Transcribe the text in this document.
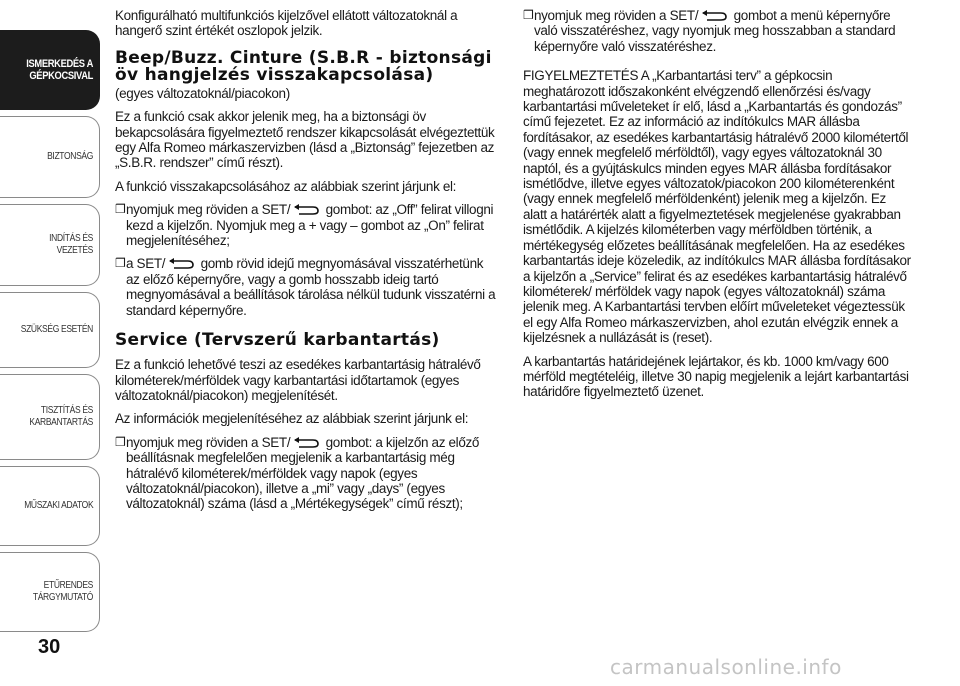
ISMERKEDÉS A GÉPKOCSIVAL
BIZTONSÁG
INDÍTÁS ÉS VEZETÉS
SZÜKSÉG ESETÉN
TISZTÍTÁS ÉS KARBANTARTÁS
MŰSZAKI ADATOK
ETŰRENDES TÁRGYMUTATÓ
30

Konfigurálható multifunkciós kijelzővel ellátott változatoknál a hangerő szint értékét oszlopok jelzik.

Beep/Buzz. Cinture (S.B.R - biztonsági öv hangjelzés visszakapcsolása)
(egyes változatoknál/piacokon)

Ez a funkció csak akkor jelenik meg, ha a biztonsági öv bekapcsolására figyelmeztető rendszer kikapcsolását elvégeztettük egy Alfa Romeo márkaszervizben (lásd a „Biztonság” fejezetben az „S.B.R. rendszer” című részt).

A funkció visszakapcsolásához az alábbiak szerint járjunk el:

❒ nyomjuk meg röviden a SET/ gombot: az „Off” felirat villogni kezd a kijelzőn. Nyomjuk meg a + vagy – gombot az „On” felirat megjelenítéséhez;
❒ a SET/ gomb rövid idejű megnyomásával visszatérhetünk az előző képernyőre, vagy a gomb hosszabb ideig tartó megnyomásával a beállítások tárolása nélkül tudunk visszatérni a standard képernyőre.
Service (Tervszerű karbantartás)

Ez a funkció lehetővé teszi az esedékes karbantartásig hátralévő kilométerek/mérföldek vagy karbantartási időtartamok (egyes változatoknál/piacokon) megjelenítését.

Az információk megjelenítéséhez az alábbiak szerint járjunk el:

❒ nyomjuk meg röviden a SET/ gombot: a kijelzőn az előző beállításnak megfelelően megjelenik a karbantartásig még hátralévő kilométerek/mérföldek vagy napok (egyes változatoknál/piacokon), illetve a „mi” vagy „days” (egyes változatoknál) száma (lásd a „Mértékegységek” című részt);
❒ nyomjuk meg röviden a SET/ gombot a menü képernyőre való visszatéréshez, vagy nyomjuk meg hosszabban a standard képernyőre való visszatéréshez.

FIGYELMEZTETÉS A „Karbantartási terv” a gépkocsin meghatározott időszakonként elvégzendő ellenőrzési és/vagy karbantartási műveleteket ír elő, lásd a „Karbantartás és gondozás” című fejezetet. Ez az információ az indítókulcs MAR állásba fordításakor, az esedékes karbantartásig hátralévő 2000 kilométertől (vagy ennek megfelelő mérföldtől), vagy egyes változatoknál 30 naptól, és a gyújtáskulcs minden egyes MAR állásba fordításakor ismétlődve, illetve egyes változatok/piacokon 200 kilométerenként (vagy ennek megfelelő mérföldenként) jelenik meg a kijelzőn. Ez alatt a határérték alatt a figyelmeztetések megjelenése gyakrabban ismétlődik. A kijelzés kilométerben vagy mérföldben történik, a mértékegység előzetes beállításának megfelelően. Ha az esedékes karbantartás ideje közeledik, az indítókulcs MAR állásba fordításakor a kijelzőn a „Service” felirat és az esedékes karbantartásig hátralévő kilométerek/ mérföldek vagy napok (egyes változatoknál) száma jelenik meg. A Karbantartási tervben előírt műveleteket végeztessük el egy Alfa Romeo márkaszervizben, ahol ezután elvégzik ennek a kijelzésnek a nullázását is (reset).

A karbantartás határidejének lejártakor, és kb. 1000 km/vagy 600 mérföld megtételéig, illetve 30 napig megjelenik a lejárt karbantartási határidőre figyelmeztető üzenet.

carmanualsonline.info
